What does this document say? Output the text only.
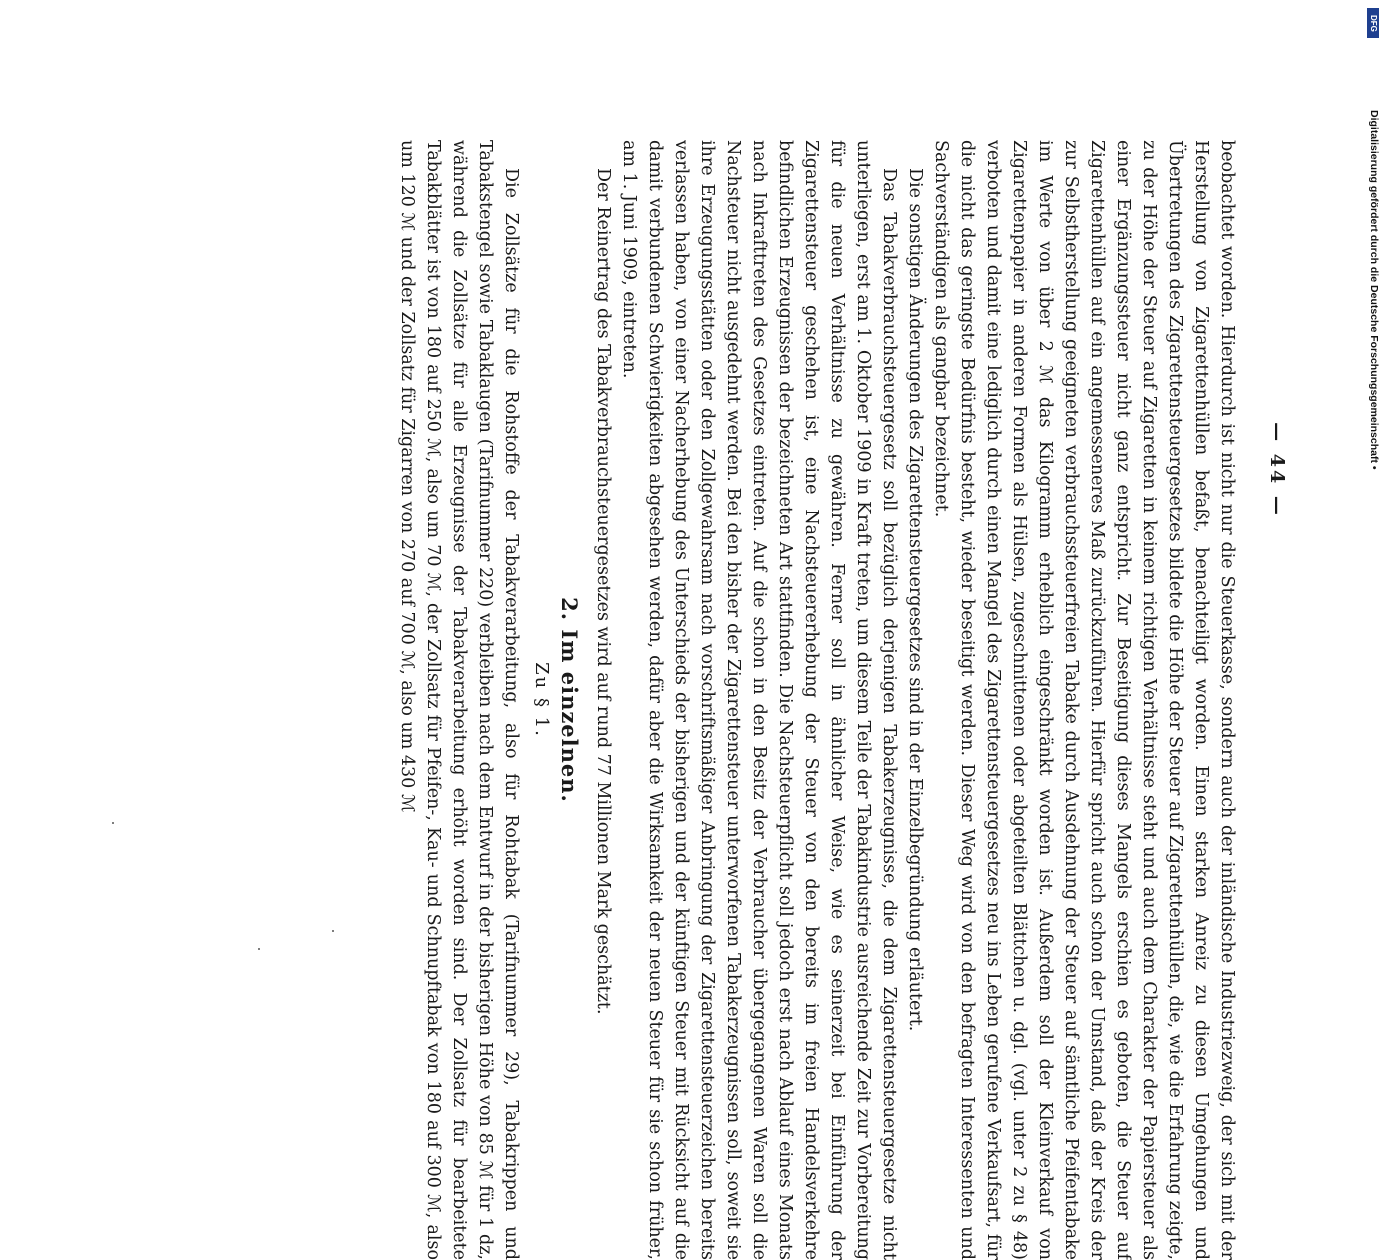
— 44 —

beobachtet worden. Hierdurch ist nicht nur die Steuerkasse, sondern auch der inländische Industriezweig, der sich mit der Herstellung von Zigarettenhüllen befaßt, benachteiligt worden. Einen starken Anreiz zu diesen Umgehungen und Übertretungen des Zigarettensteuergesetzes bildete die Höhe der Steuer auf Zigarettenhüllen, die, wie die Erfahrung zeigte, zu der Höhe der Steuer auf Zigaretten in keinem richtigen Verhältnisse steht und auch dem Charakter der Papiersteuer als einer Ergänzungssteuer nicht ganz entspricht. Zur Beseitigung dieses Mangels erschien es geboten, die Steuer auf Zigarettenhüllen auf ein angemesseneres Maß zurückzuführen. Hierfür spricht auch schon der Umstand, daß der Kreis der zur Selbstherstellung geeigneten verbrauchssteuerfreien Tabake durch Ausdehnung der Steuer auf sämtliche Pfeifentabake im Werte von über 2 ℳ das Kilogramm erheblich eingeschränkt worden ist. Außerdem soll der Kleinverkauf von Zigarettenpapier in anderen Formen als Hülsen, zugeschnittenen oder abgeteilten Blättchen u. dgl. (vgl. unter 2 zu § 48) verboten und damit eine lediglich durch einen Mangel des Zigarettensteuergesetzes neu ins Leben gerufene Verkaufsart, für die nicht das geringste Bedürfnis besteht, wieder beseitigt werden. Dieser Weg wird von den befragten Interessenten und Sachverständigen als gangbar bezeichnet.

Die sonstigen Änderungen des Zigarettensteuergesetzes sind in der Einzelbegründung erläutert.

Das Tabakverbrauchsteuergesetz soll bezüglich derjenigen Tabakerzeugnisse, die dem Zigarettensteuergesetze nicht unterliegen, erst am 1. Oktober 1909 in Kraft treten, um diesem Teile der Tabakindustrie ausreichende Zeit zur Vorbereitung für die neuen Verhältnisse zu gewähren. Ferner soll in ähnlicher Weise, wie es seinerzeit bei Einführung der Zigarettensteuer geschehen ist, eine Nachsteuererhebung der Steuer von den bereits im freien Handelsverkehre befindlichen Erzeugnissen der bezeichneten Art stattfinden. Die Nachsteuerpflicht soll jedoch erst nach Ablauf eines Monats nach Inkrafttreten des Gesetzes eintreten. Auf die schon in den Besitz der Verbraucher übergegangenen Waren soll die Nachsteuer nicht ausgedehnt werden. Bei den bisher der Zigarettensteuer unterworfenen Tabakerzeugnissen soll, soweit sie ihre Erzeugungsstätten oder den Zollgewahrsam nach vorschriftsmäßiger Anbringung der Zigarettensteuerzeichen bereits verlassen haben, von einer Nacherhebung des Unterschieds der bisherigen und der künftigen Steuer mit Rücksicht auf die damit verbundenen Schwierigkeiten abgesehen werden, dafür aber die Wirksamkeit der neuen Steuer für sie schon früher, am 1. Juni 1909, eintreten.

Der Reinertrag des Tabakverbrauchsteuergesetzes wird auf rund 77 Millionen Mark geschätzt.

2. Im einzelnen.
Zu § 1.

Die Zollsätze für die Rohstoffe der Tabakverarbeitung, also für Rohtabak (Tarifnummer 29), Tabakrippen und Tabakstengel sowie Tabaklaugen (Tarifnummer 220) verbleiben nach dem Entwurf in der bisherigen Höhe von 85 ℳ für 1 dz, während die Zollsätze für alle Erzeugnisse der Tabakverarbeitung erhöht worden sind. Der Zollsatz für bearbeitete Tabakblätter ist von 180 auf 250 ℳ, also um 70 ℳ, der Zollsatz für Pfeifen-, Kau- und Schnupftabak von 180 auf 300 ℳ, also um 120 ℳ und der Zollsatz für Zigarren von 270 auf 700 ℳ, also um 430 ℳ

DFG
Digitalisierung gefördert durch die Deutsche Forschungsgemeinschaft •
